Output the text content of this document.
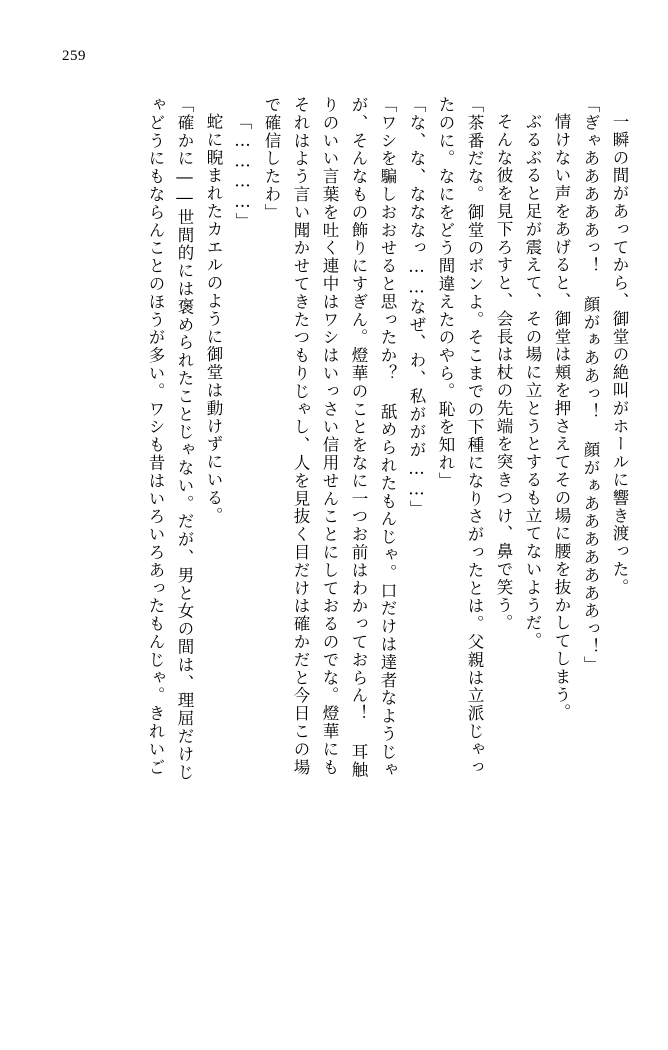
259
一瞬の間があってから、御堂の絶叫がホールに響き渡った。
「ぎゃあああああっ！ 顔がぁああっ！ 顔がぁあああああああっ！」
情けない声をあげると、御堂は頬を押さえてその場に腰を抜かしてしまう。
ぶるぶると足が震えて、その場に立とうとするも立てないようだ。
そんな彼を見下ろすと、会長は杖の先端を突きつけ、鼻で笑う。
「茶番だな。御堂のボンよ。そこまでの下種になりさがったとは。父親は立派じゃっ
たのに。なにをどう間違えたのやら。恥を知れ」
「な、な、なななっ……なぜ、わ、私ががが……」
「ワシを騙しおおせると思ったか？ 舐められたもんじゃ。口だけは達者なようじゃ
が、そんなもの飾りにすぎん。燈華のことをなに一つお前はわかっておらん！ 耳触
りのいい言葉を吐く連中はワシはいっさい信用せんことにしておるのでな。燈華にも
それはよう言い聞かせてきたつもりじゃし、人を見抜く目だけは確かだと今日この場
で確信したわ」
「…………」
蛇に睨まれたカエルのように御堂は動けずにいる。
「確かに――世間的には褒められたことじゃない。だが、男と女の間は、理屈だけじ
ゃどうにもならんことのほうが多い。ワシも昔はいろいろあったもんじゃ。きれいご
